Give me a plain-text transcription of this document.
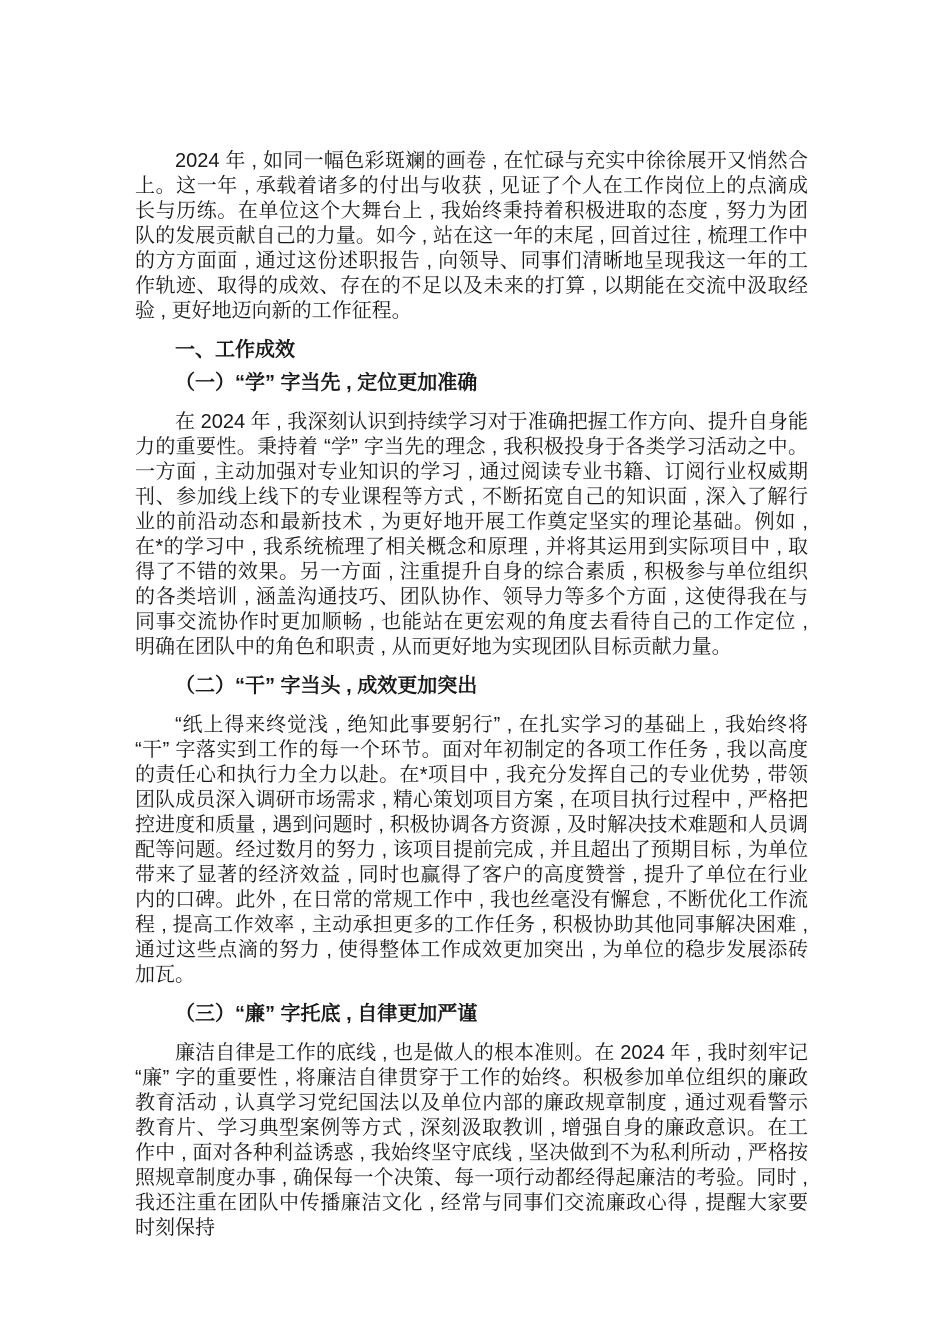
2024 年 , 如同一幅色彩斑斓的画卷 , 在忙碌与充实中徐徐展开又悄然合上。这一年 , 承载着诸多的付出与收获 , 见证了个人在工作岗位上的点滴成长与历练。在单位这个大舞台上 , 我始终秉持着积极进取的态度 , 努力为团队的发展贡献自己的力量。如今 , 站在这一年的末尾 , 回首过往 , 梳理工作中的方方面面 , 通过这份述职报告 , 向领导、同事们清晰地呈现我这一年的工作轨迹、取得的成效、存在的不足以及未来的打算 , 以期能在交流中汲取经验 , 更好地迈向新的工作征程。

一、工作成效
（一）“学” 字当先 , 定位更加准确

在 2024 年 , 我深刻认识到持续学习对于准确把握工作方向、提升自身能力的重要性。秉持着 “学” 字当先的理念 , 我积极投身于各类学习活动之中。一方面 , 主动加强对专业知识的学习 , 通过阅读专业书籍、订阅行业权威期刊、参加线上线下的专业课程等方式 , 不断拓宽自己的知识面 , 深入了解行业的前沿动态和最新技术 , 为更好地开展工作奠定坚实的理论基础。例如 , 在*的学习中 , 我系统梳理了相关概念和原理 , 并将其运用到实际项目中 , 取得了不错的效果。另一方面 , 注重提升自身的综合素质 , 积极参与单位组织的各类培训 , 涵盖沟通技巧、团队协作、领导力等多个方面 , 这使得我在与同事交流协作时更加顺畅 , 也能站在更宏观的角度去看待自己的工作定位 , 明确在团队中的角色和职责 , 从而更好地为实现团队目标贡献力量。

（二）“干” 字当头 , 成效更加突出

“纸上得来终觉浅 , 绝知此事要躬行” , 在扎实学习的基础上 , 我始终将 “干” 字落实到工作的每一个环节。面对年初制定的各项工作任务 , 我以高度的责任心和执行力全力以赴。在*项目中 , 我充分发挥自己的专业优势 , 带领团队成员深入调研市场需求 , 精心策划项目方案 , 在项目执行过程中 , 严格把控进度和质量 , 遇到问题时 , 积极协调各方资源 , 及时解决技术难题和人员调配等问题。经过数月的努力 , 该项目提前完成 , 并且超出了预期目标 , 为单位带来了显著的经济效益 , 同时也赢得了客户的高度赞誉 , 提升了单位在行业内的口碑。此外 , 在日常的常规工作中 , 我也丝毫没有懈怠 , 不断优化工作流程 , 提高工作效率 , 主动承担更多的工作任务 , 积极协助其他同事解决困难 , 通过这些点滴的努力 , 使得整体工作成效更加突出 , 为单位的稳步发展添砖加瓦。

（三）“廉” 字托底 , 自律更加严谨

廉洁自律是工作的底线 , 也是做人的根本准则。在 2024 年 , 我时刻牢记 “廉” 字的重要性 , 将廉洁自律贯穿于工作的始终。积极参加单位组织的廉政教育活动 , 认真学习党纪国法以及单位内部的廉政规章制度 , 通过观看警示教育片、学习典型案例等方式 , 深刻汲取教训 , 增强自身的廉政意识。在工作中 , 面对各种利益诱惑 , 我始终坚守底线 , 坚决做到不为私利所动 , 严格按照规章制度办事 , 确保每一个决策、每一项行动都经得起廉洁的考验。同时 , 我还注重在团队中传播廉洁文化 , 经常与同事们交流廉政心得 , 提醒大家要时刻保持
